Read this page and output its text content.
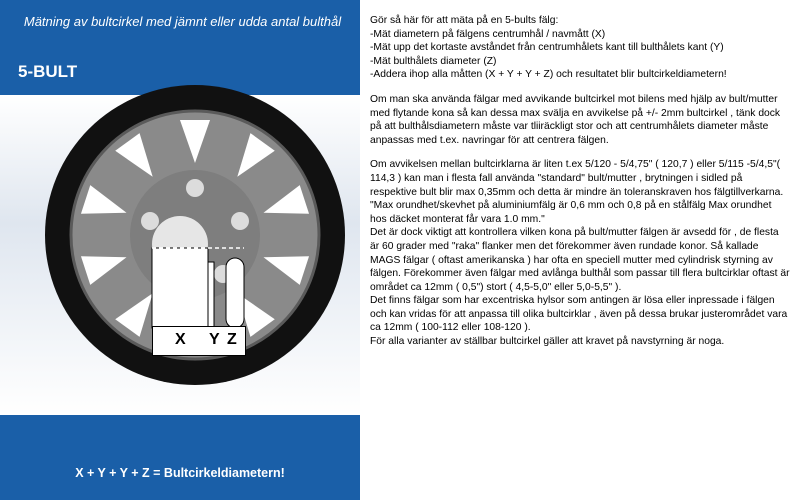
Mätning av bultcirkel med jämnt eller udda antal bulthål
5-BULT
X Y Z
X + Y + Y + Z = Bultcirkeldiametern!

Gör så här för att mäta på en 5-bults fälg:
-Mät diametern på fälgens centrumhål / navmått (X)
-Mät upp det kortaste avståndet från centrumhålets kant till bulthålets kant (Y)
-Mät bulthålets diameter (Z)
-Addera ihop alla måtten (X + Y + Y + Z) och resultatet blir bultcirkeldiametern!

Om man ska använda fälgar med avvikande bultcirkel mot bilens med hjälp av bult/mutter med flytande kona så kan dessa max svälja en avvikelse på +/- 2mm bultcirkel , tänk dock på att bulthålsdiametern måste var tliiräckligt stor och att centrumhålets diameter måste anpassas med t.ex. navringar för att centrera fälgen.

Om avvikelsen mellan bultcirklarna är liten t.ex 5/120 - 5/4,75" ( 120,7 ) eller 5/115 -5/4,5"( 114,3 ) kan man i flesta fall använda "standard" bult/mutter , brytningen i sidled på respektive bult blir max 0,35mm och detta är mindre än toleranskraven hos fälgtillverkarna.

"Max orundhet/skevhet på aluminiumfälg är 0,6 mm och 0,8 på en stålfälg Max orundhet hos däcket monterat får vara 1.0 mm."

Det är dock viktigt att kontrollera vilken kona på bult/mutter fälgen är avsedd för , de flesta är 60 grader med "raka" flanker men det förekommer även rundade konor. Så kallade MAGS fälgar ( oftast amerikanska ) har ofta en speciell mutter med cylindrisk styrning av fälgen. Förekommer även fälgar med avlånga bulthål som passar till flera bultcirklar oftast är området ca 12mm ( 0,5") stort ( 4,5-5,0" eller 5,0-5,5" ).

Det finns fälgar som har excentriska hylsor som antingen är lösa eller inpressade i fälgen och kan vridas för att anpassa till olika bultcirklar , även på dessa brukar justerområdet vara ca 12mm ( 100-112 eller 108-120 ).

För alla varianter av ställbar bultcirkel gäller att kravet på navstyrning är noga.
